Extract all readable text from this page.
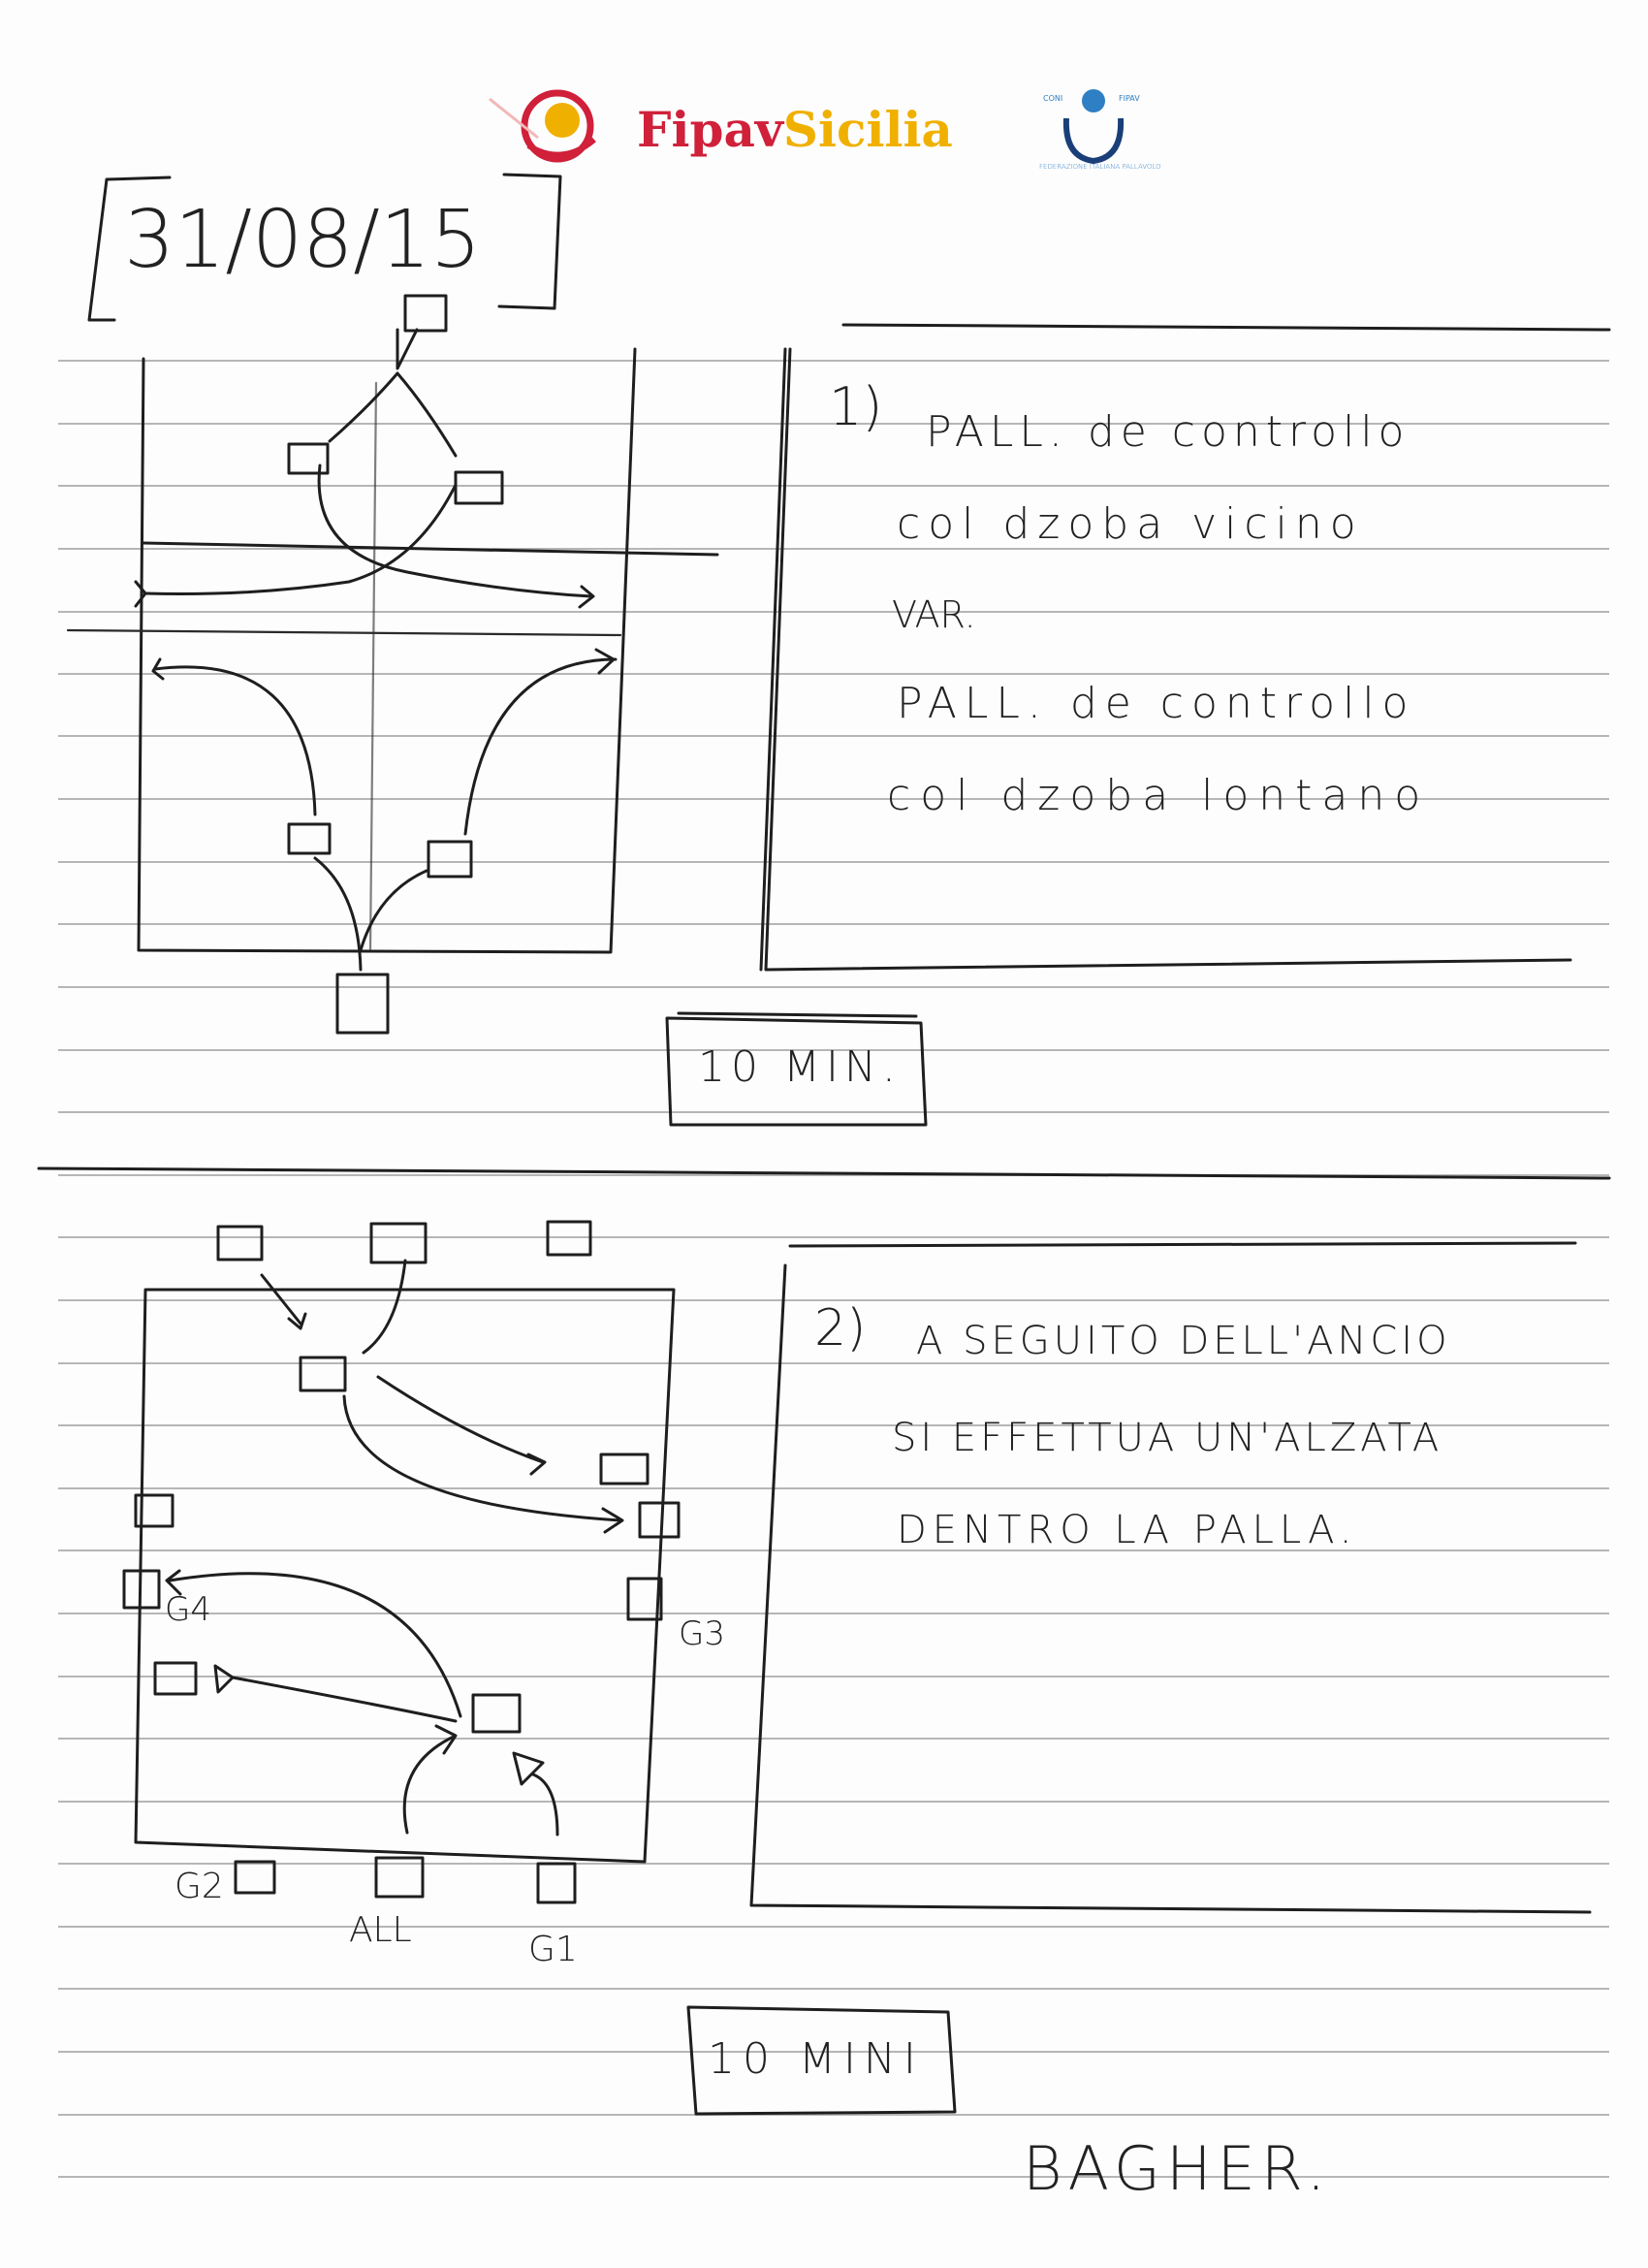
FipavSicilia
CONI	FIPAV
FEDERAZIONE ITALIANA PALLAVOLO
31/08/15
1) PALL. de controllo
col dzoba vicino
VAR.
PALL. de controllo
col dzoba lontano
10 MIN.
2) A SEGUITO DELL'ANCIO
SI EFFETTUA UN'ALZATA
DENTRO LA PALLA.
G4
G3
G2
ALL	G1
10 MINI
BAGHER.
